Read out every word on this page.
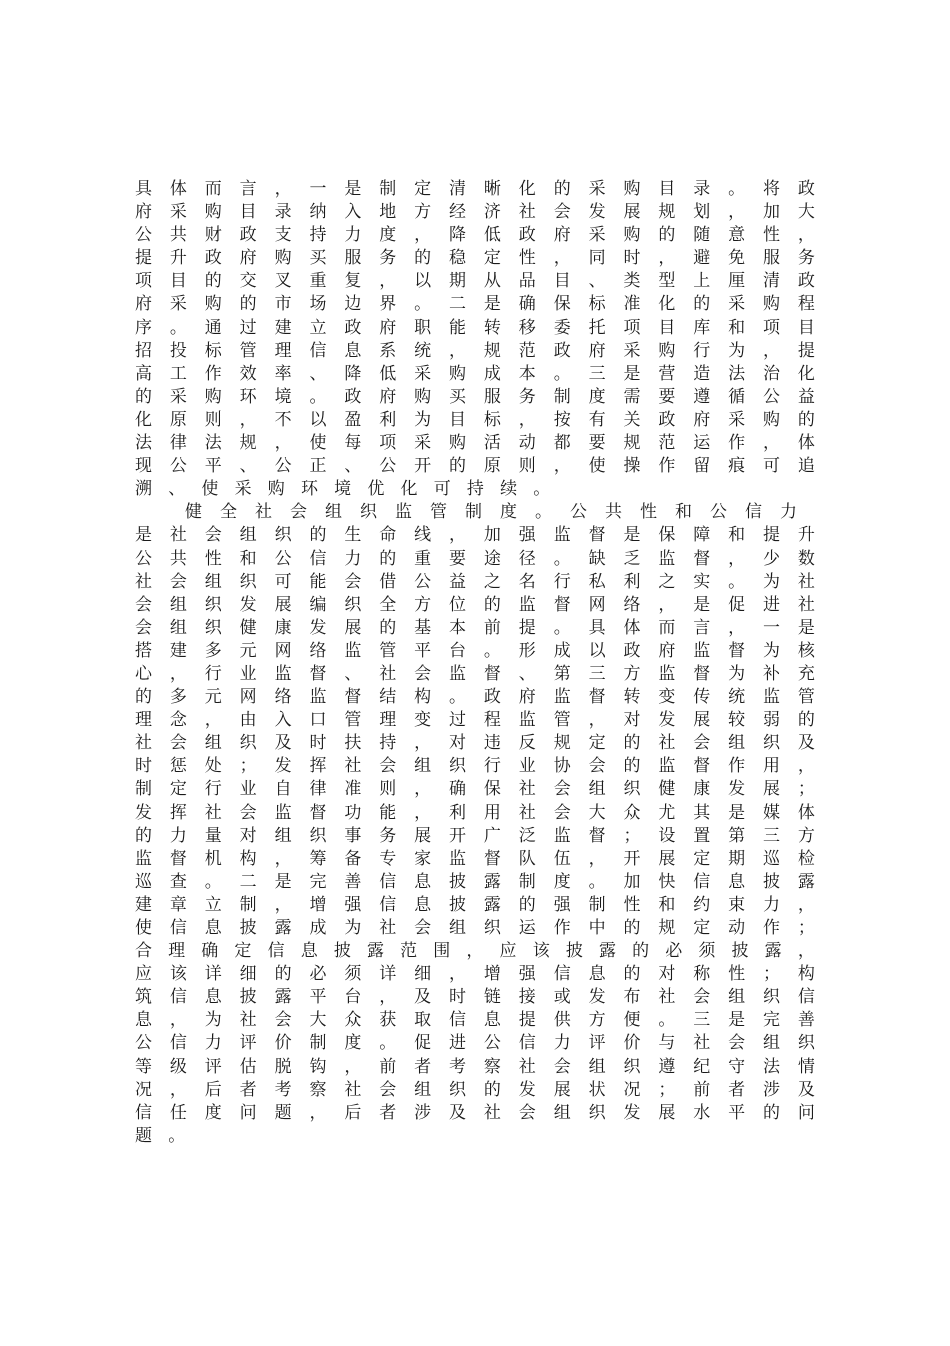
具 体 而 言 ， 一 是 制 定 清 晰 化 的 采 购 目 录 。 将 政
府 采 购 目 录 纳 入 地 方 经 济 社 会 发 展 规 划 ， 加 大
公 共 财 政 支 持 力 度 ， 降 低 政 府 采 购 的 随 意 性 ，
提 升 政 府 购 买 服 务 的 稳 定 性 ， 同 时 ， 避 免 服 务
项 目 的 交 叉 重 复 ， 以 期 从 品 目 、 类 型 上 厘 清 政
府 采 购 的 市 场 边 界 。 二 是 确 保 标 准 化 的 采 购 程
序 。 通 过 建 立 政 府 职 能 转 移 委 托 项 目 库 和 项 目
招 投 标 管 理 信 息 系 统 ， 规 范 政 府 采 购 行 为 ， 提
高 工 作 效 率 、 降 低 采 购 成 本 。 三 是 营 造 法 治 化
的 采 购 环 境 。 政 府 购 买 服 务 制 度 需 要 遵 循 公 益
化 原 则 ， 不 以 盈 利 为 目 标 ， 按 有 关 政 府 采 购 的
法 律 法 规 ， 使 每 项 采 购 活 动 都 要 规 范 运 作 ， 体
现 公 平 、 公 正 、 公 开 的 原 则 ， 使 操 作 留 痕 可 追
溯 、 使 采 购 环 境 优 化 可 持 续 。
健 全 社 会 组 织 监 管 制 度 。 公 共 性 和 公 信 力
是 社 会 组 织 的 生 命 线 ， 加 强 监 督 是 保 障 和 提 升
公 共 性 和 公 信 力 的 重 要 途 径 。 缺 乏 监 督 ， 少 数
社 会 组 织 可 能 会 借 公 益 之 名 行 私 利 之 实 。 为 社
会 组 织 发 展 编 织 全 方 位 的 监 督 网 络 ， 是 促 进 社
会 组 织 健 康 发 展 的 基 本 前 提 。 具 体 而 言 ， 一 是
搭 建 多 元 网 络 监 管 平 台 。 形 成 以 政 府 监 督 为 核
心 ， 行 业 监 督 、 社 会 监 督 、 第 三 方 监 督 为 补 充
的 多 元 网 络 监 督 结 构 。 政 府 监 督 转 变 传 统 监 管
理 念 ， 由 入 口 管 理 变 过 程 监 管 ， 对 发 展 较 弱 的
社 会 组 织 及 时 扶 持 ， 对 违 反 规 定 的 社 会 组 织 及
时 惩 处 ； 发 挥 社 会 组 织 行 业 协 会 的 监 督 作 用 ，
制 定 行 业 自 律 准 则 ， 确 保 社 会 组 织 健 康 发 展 ；
发 挥 社 会 监 督 功 能 ， 利 用 社 会 大 众 尤 其 是 媒 体
的 力 量 对 组 织 事 务 展 开 广 泛 监 督 ； 设 置 第 三 方
监 督 机 构 ， 筹 备 专 家 监 督 队 伍 ， 开 展 定 期 巡 检
巡 查 。 二 是 完 善 信 息 披 露 制 度 。 加 快 信 息 披 露
建 章 立 制 ， 增 强 信 息 披 露 的 强 制 性 和 约 束 力 ，
使 信 息 披 露 成 为 社 会 组 织 运 作 中 的 规 定 动 作 ；
合 理 确 定 信 息 披 露 范 围 ， 应 该 披 露 的 必 须 披 露 ，
应 该 详 细 的 必 须 详 细 ， 增 强 信 息 的 对 称 性 ； 构
筑 信 息 披 露 平 台 ， 及 时 链 接 或 发 布 社 会 组 织 信
息 ， 为 社 会 大 众 获 取 信 息 提 供 方 便 。 三 是 完 善
公 信 力 评 价 制 度 。 促 进 公 信 力 评 价 与 社 会 组 织
等 级 评 估 脱 钩 ， 前 者 考 察 社 会 组 织 遵 纪 守 法 情
况 ， 后 者 考 察 社 会 组 织 的 发 展 状 况 ； 前 者 涉 及
信 任 度 问 题 ， 后 者 涉 及 社 会 组 织 发 展 水 平 的 问
题 。
